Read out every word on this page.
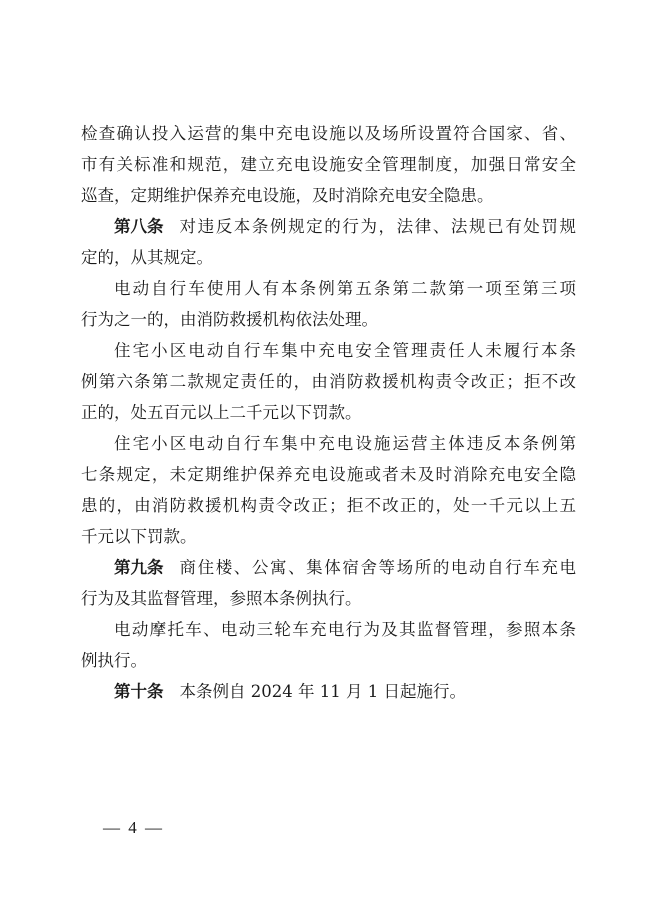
检查确认投入运营的集中充电设施以及场所设置符合国家、省、

市有关标准和规范，建立充电设施安全管理制度，加强日常安全

巡查，定期维护保养充电设施，及时消除充电安全隐患。

第八条 对违反本条例规定的行为，法律、法规已有处罚规

定的，从其规定。

电动自行车使用人有本条例第五条第二款第一项至第三项

行为之一的，由消防救援机构依法处理。

住宅小区电动自行车集中充电安全管理责任人未履行本条

例第六条第二款规定责任的，由消防救援机构责令改正；拒不改

正的，处五百元以上二千元以下罚款。

住宅小区电动自行车集中充电设施运营主体违反本条例第

七条规定，未定期维护保养充电设施或者未及时消除充电安全隐

患的，由消防救援机构责令改正；拒不改正的，处一千元以上五

千元以下罚款。

第九条 商住楼、公寓、集体宿舍等场所的电动自行车充电

行为及其监督管理，参照本条例执行。

电动摩托车、电动三轮车充电行为及其监督管理，参照本条

例执行。

第十条 本条例自 2024 年 11 月 1 日起施行。

— 4 —
